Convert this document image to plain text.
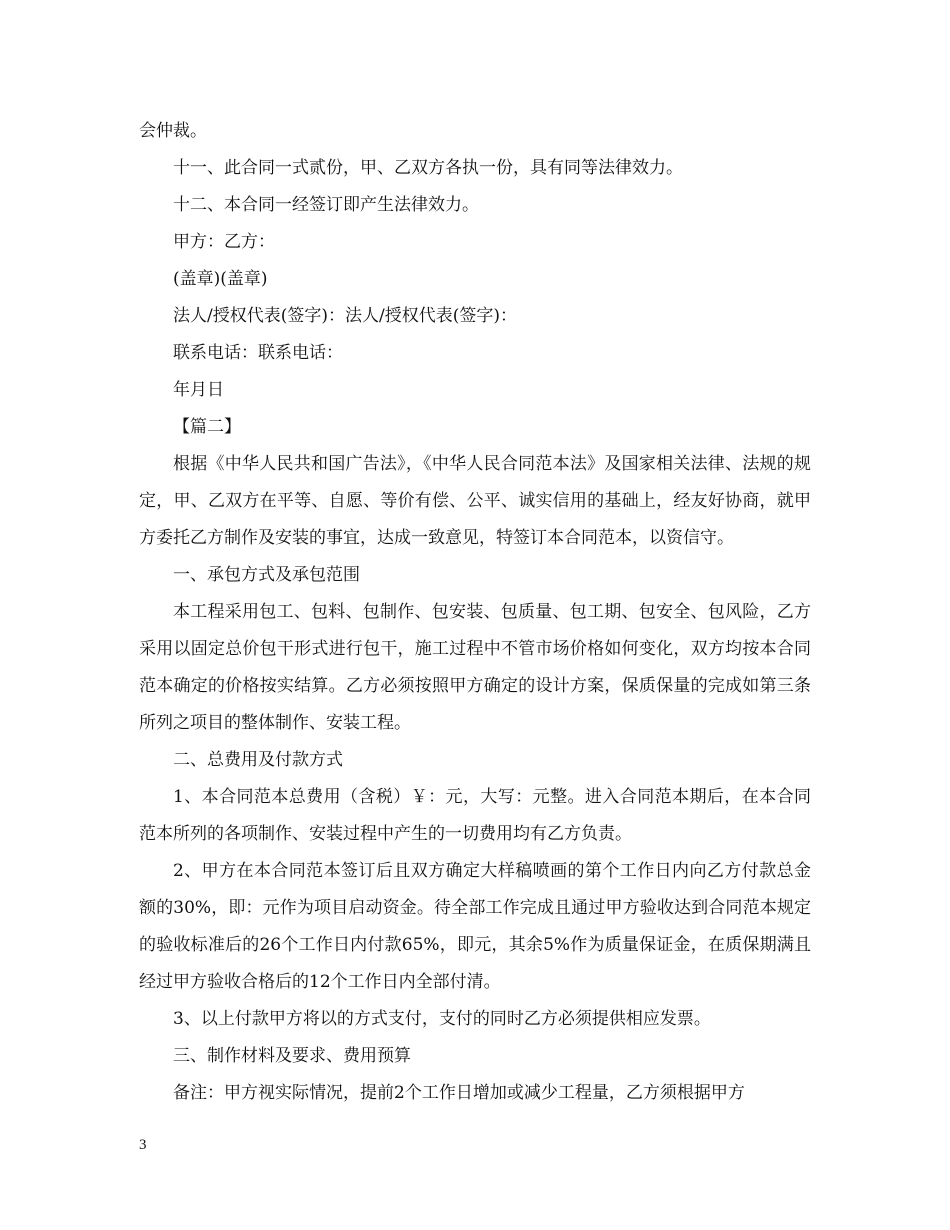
会仲裁。

十一、此合同一式贰份，甲、乙双方各执一份，具有同等法律效力。

十二、本合同一经签订即产生法律效力。

甲方：乙方：

(盖章)(盖章)

法人/授权代表(签字)：法人/授权代表(签字)：

联系电话：联系电话：

年月日

【篇二】

根据《中华人民共和国广告法》，《中华人民合同范本法》及国家相关法律、法规的规定，甲、乙双方在平等、自愿、等价有偿、公平、诚实信用的基础上，经友好协商，就甲方委托乙方制作及安装的事宜，达成一致意见，特签订本合同范本，以资信守。

一、承包方式及承包范围

本工程采用包工、包料、包制作、包安装、包质量、包工期、包安全、包风险，乙方采用以固定总价包干形式进行包干，施工过程中不管市场价格如何变化，双方均按本合同范本确定的价格按实结算。乙方必须按照甲方确定的设计方案，保质保量的完成如第三条所列之项目的整体制作、安装工程。

二、总费用及付款方式

1、本合同范本总费用（含税）￥：元，大写：元整。进入合同范本期后，在本合同范本所列的各项制作、安装过程中产生的一切费用均有乙方负责。

2、甲方在本合同范本签订后且双方确定大样稿喷画的第个工作日内向乙方付款总金额的30%，即：元作为项目启动资金。待全部工作完成且通过甲方验收达到合同范本规定的验收标准后的26个工作日内付款65%，即元，其余5%作为质量保证金，在质保期满且经过甲方验收合格后的12个工作日内全部付清。

3、以上付款甲方将以的方式支付，支付的同时乙方必须提供相应发票。

三、制作材料及要求、费用预算

备注：甲方视实际情况，提前2个工作日增加或减少工程量，乙方须根据甲方

3
